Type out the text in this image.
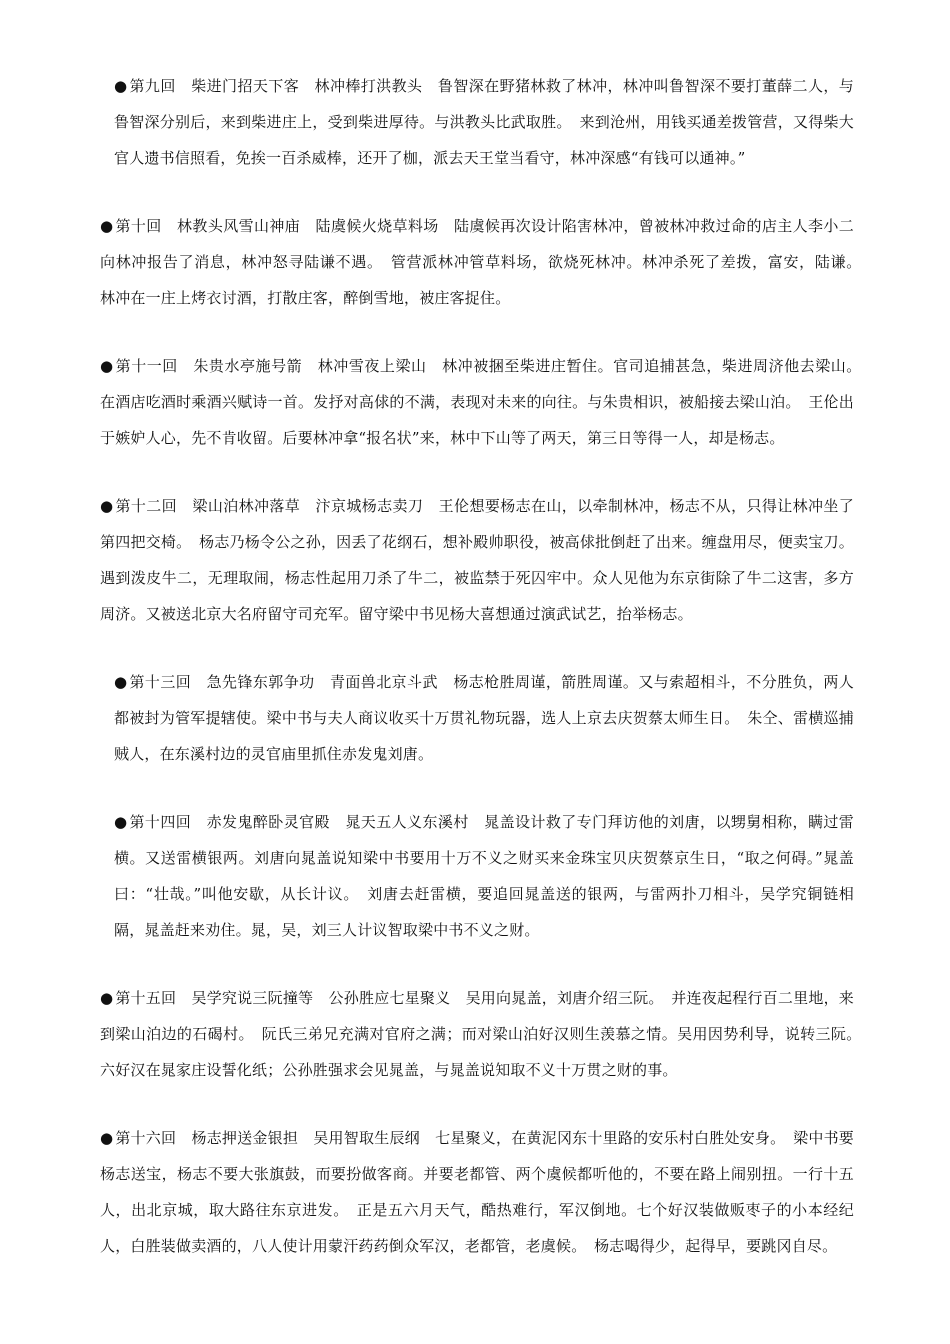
● 第九回　柴进门招天下客　林冲棒打洪教头　鲁智深在野猪林救了林冲，林冲叫鲁智深不要打董薛二人，与鲁智深分别后，来到柴进庄上，受到柴进厚待。与洪教头比武取胜。　来到沧州，用钱买通差拨管营，又得柴大官人遗书信照看，免挨一百杀威棒，还开了枷，派去天王堂当看守，林冲深感“有钱可以通神。”

● 第十回　林教头风雪山神庙　陆虞候火烧草料场　陆虞候再次设计陷害林冲，曾被林冲救过命的店主人李小二向林冲报告了消息，林冲怒寻陆谦不遇。　管营派林冲管草料场，欲烧死林冲。林冲杀死了差拨，富安，陆谦。　林冲在一庄上烤衣讨酒，打散庄客，醉倒雪地，被庄客捉住。

● 第十一回　朱贵水亭施号箭　林冲雪夜上梁山　林冲被捆至柴进庄暂住。官司追捕甚急，柴进周济他去梁山。　在酒店吃酒时乘酒兴赋诗一首。发抒对高俅的不满，表现对未来的向往。与朱贵相识，被船接去梁山泊。　王伦出于嫉妒人心，先不肯收留。后要林冲拿“报名状”来，林中下山等了两天，第三日等得一人，却是杨志。

● 第十二回　梁山泊林冲落草　汴京城杨志卖刀　王伦想要杨志在山，以牵制林冲，杨志不从，只得让林冲坐了第四把交椅。　杨志乃杨令公之孙，因丢了花纲石，想补殿帅职役，被高俅批倒赶了出来。缠盘用尽，便卖宝刀。遇到泼皮牛二，无理取闹，杨志性起用刀杀了牛二，被监禁于死囚牢中。众人见他为东京街除了牛二这害，多方周济。又被送北京大名府留守司充军。留守梁中书见杨大喜想通过演武试艺，抬举杨志。

● 第十三回　急先锋东郭争功　青面兽北京斗武　杨志枪胜周谨，箭胜周谨。又与索超相斗，不分胜负，两人都被封为管军提辖使。梁中书与夫人商议收买十万贯礼物玩器，选人上京去庆贺蔡太师生日。　朱仝、雷横巡捕贼人，在东溪村边的灵官庙里抓住赤发鬼刘唐。

● 第十四回　赤发鬼醉卧灵官殿　晁天五人义东溪村　晁盖设计救了专门拜访他的刘唐，以甥舅相称，瞒过雷横。又送雷横银两。刘唐向晁盖说知梁中书要用十万不义之财买来金珠宝贝庆贺蔡京生日，“取之何碍。”晁盖曰：“壮哉。”叫他安歇，从长计议。　刘唐去赶雷横，要追回晁盖送的银两，与雷两扑刀相斗，吴学究铜链相隔，晁盖赶来劝住。晁，吴，刘三人计议智取梁中书不义之财。

● 第十五回　吴学究说三阮撞等　公孙胜应七星聚义　吴用向晁盖，刘唐介绍三阮。　并连夜起程行百二里地，来到梁山泊边的石碣村。　阮氏三弟兄充满对官府之满；而对梁山泊好汉则生羡慕之情。吴用因势利导，说转三阮。　六好汉在晁家庄设誓化纸；公孙胜强求会见晁盖，与晁盖说知取不义十万贯之财的事。

● 第十六回　杨志押送金银担　吴用智取生辰纲　七星聚义，在黄泥冈东十里路的安乐村白胜处安身。　梁中书要杨志送宝，杨志不要大张旗鼓，而要扮做客商。并要老都管、两个虞候都听他的，不要在路上闹别扭。一行十五人，出北京城，取大路往东京进发。　正是五六月天气，酷热难行，军汉倒地。七个好汉装做贩枣子的小本经纪人，白胜装做卖酒的，八人使计用蒙汗药药倒众军汉，老都管，老虞候。　杨志喝得少，起得早，要跳冈自尽。
